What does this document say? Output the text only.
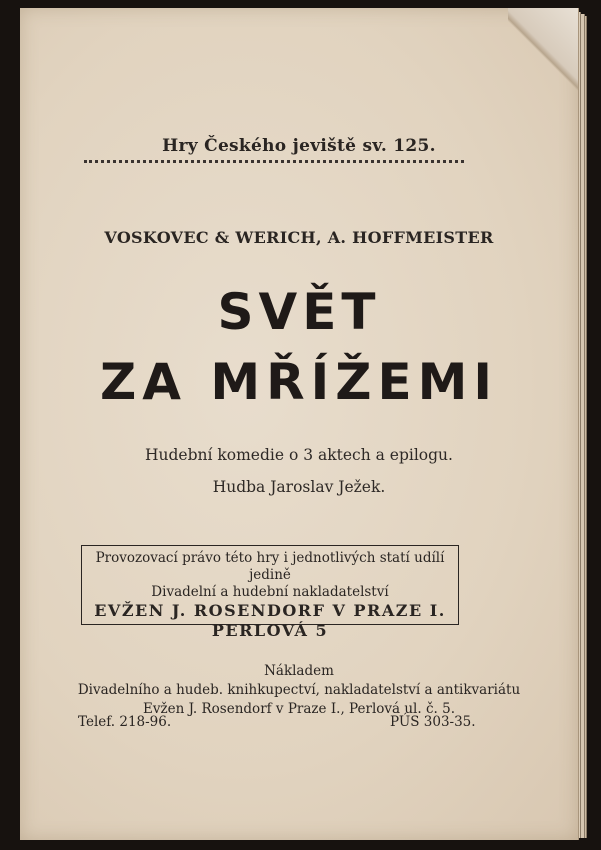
Hry Českého jeviště sv. 125.
VOSKOVEC & WERICH, A. HOFFMEISTER
SVĚT
ZA MŘÍŽEMI
Hudební komedie o 3 aktech a epilogu.
Hudba Jaroslav Ježek.
Provozovací právo této hry i jednotlivých statí udílí jedině
Divadelní a hudební nakladatelství
EVŽEN J. ROSENDORF V PRAZE I.
PERLOVÁ 5
Nákladem
Divadelního a hudeb. knihkupectví, nakladatelství a antikvariátu
Evžen J. Rosendorf v Praze I., Perlová ul. č. 5.
Telef. 218-96.	PÚS 303-35.
